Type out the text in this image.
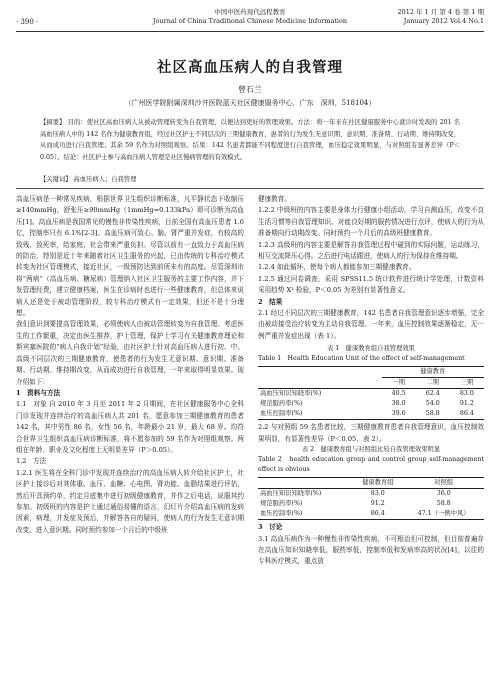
· 390 ·
中国中医药现代远程教育
Journal of China Traditional Chinese Medicine Information
2012 年 1 月 第 4 卷 第 1 期
January 2012 Vol.4 No.1
社区高血压病人的自我管理
曾石兰
（广州医学院附属深圳沙井医院蓝天社区健康服务中心，广东　深圳，518104）
【摘要】 目的：使社区高血压病人从被动管理转变为自我管理，以便达到更好的管理效果。方法：将一年来在社区健康服务中心就诊时发现的 201 名高血压病人中的 142 名作为健康教育组，经过社区护士不同层次的三期健康教育，患者的行为发生无意识期、意识期、准备期、行动期、维持期改变，从而成功进行自我管理；其余 59 名作为对照组观察。结果：142 名患者都能不同程度进行自我管理，血压稳定效果明显，与对照组有显著差异（P＜0.05）。结论：社区护士参与高血压病人管理是社区慢病管理的有效模式。
【关键词】 高血压病人；自我管理

高血压病是一种常见疾病，根据世界卫生组织诊断标准，凡平静状态下收缩压≥140mmHg，舒张压≥90mmHg（1mmHg=0.133kPa）即可诊断为高血压[1]。高血压病是我国常见的慢性非传染性疾病，目前全国有高血压患者 1.6 亿，控制率只有 6.1%[2-3]。高血压病可致心、脑、肾严重并发症，有较高的致残、致死率，给家庭、社会带来严重负担。尽管以前有一直致力于高血压病的防治，特别是近十年来随着社区卫生服务的兴起，已由传统的专科治疗模式转变为社区管理模式，接近社区，一级预防达到前所未有的高度。尽管深圳市将“两病”（高血压病、糖尿病）管理纳入社区卫生服务的主要工作内容，并下发管理经费，建立健康档案，医生在诊病时也进行一些健康教育，但总体来说病人还是处于被动管理阶段，较专科治疗模式有一定效果，但还不是十分理想。

我们意识到要提高管理效果，必须使病人由被动管理转变为自我管理。考虑医生的工作繁重，决定由医生推荐，护士管理，保护士学习有关健康教育理论和斯宾塞医院的“病人自我计划”经验，由社区护士针对高血压病人进行初、中、高级不同层次的三期健康教育，使患者的行为发生无意识期、意识期、准备期、行动期、维持期改变，从而成功进行自我管理，一年来取得明显效果。现介绍如下：

1　资料与方法

1.1　对象 自 2010 年 3 月至 2011 年 2 月期间，在社区健康服务中心全科门诊发现并连续治疗的高血压病人共 201 名，愿意参加三期健康教育的患者 142 名，其中男性 86 名，女性 56 名，年龄最小 21 岁，最大 68 岁。均符合世界卫生组织高血压病诊断标准，将不愿参加的 59 名作为对照组观察。两组在年龄、职业及文化程度上无明显差异（P＞0.05）。

1.2　方法

1.2.1 医生将在全科门诊中发现并连续治疗的高血压病人转介给社区护士，社区护士接诊后对其体重、血压、血糖、心电图、肾功能、血脂结果进行评估，然后开具预约单，约定月底集中进行初级健康教育，并作之后电话，说服其约参加。初级班的内容是护士通过通俗易懂的语言，幻灯片介绍高血压病的发病因素，病理，并发症及预后，并解答各自的疑问，使病人的行为发生无意识期改变，进入意识期。同时预约参加一个月后的中级班

健康教育。

1.2.2 中级班的内容主要是身体力行健康小组活动，学习自测血压，改变不良生活习惯等自我管理知识。对能良好期的服药情况进行点评，使病人的行为从准备期向行动期改变。同时预约一个月后的高级班健康教育。

1.2.3 高级班的内容主要是解答自我管理过程中碰到的实际问题，运动练习，相互交流降压心得。之后进行电话跟进，使病人的行为保持在维持期。

1.2.4 如此循环，使每个病人都能参加三期健康教育。

1.2.5 通过问卷调查，采用 SPSS11.5 统计软件进行统计学处理，计数资料采用趋势 X² 检验，P＜0.05 为差别有显著性意义。

2　结果

2.1 经过不同层次的三期健康教育，142 名患者自我管理意识逐步增强，完全由被动接受治疗转变为主动自我管理。一年来，血压控制效果逐渐稳定，无一例严重并发症出现（表 1）。

表 1　健康教育组自我管理效果
Table 1　Health Education Unit of the effect of self-management
	健康教育		
	一期	二期	三期
高血压知识知晓率(%)	40.5	62.4	83.0
规范服药率(%)	38.0	54.0	91.2
血压控制率(%)	39.6	58.8	86.4

2.2 与对照组 59 名患者比较，三期健康教育患者自我管理意识，血压控制效果明显，有显著性差异（P＜0.05，表 2）。

表 2　健康教育组与对照组比较自我管理效果明显
Table 2　health education group and control group self-management effect is obvious
	健康教育组	对照组
高血压知识知晓率(%)	83.0	36.0
规范服药率(%)	91.2	58.8
血压控制率(%)	86.4	47.1（一例中风）

3　讨论

3.1 高血压病作为一种慢性非传染性疾病，不可根治但可控制，但目前普遍存在高血压知识知晓率低，服药率低，控制率低和发病率高的状况[4]，以往的专科医疗模式，重点放
